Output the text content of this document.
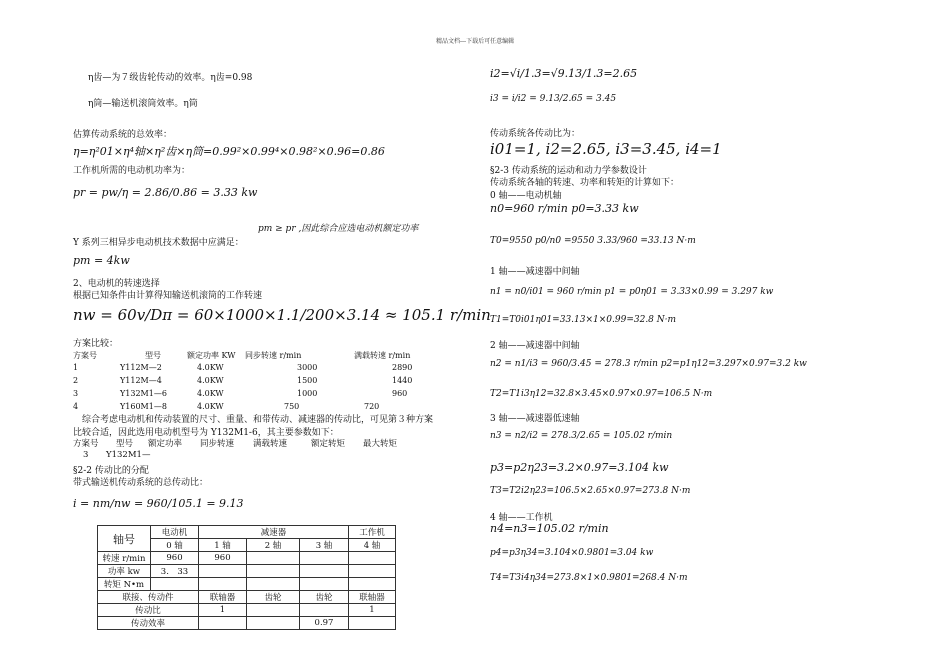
精品文档---下载后可任意编辑
η齿—为７级齿轮传动的效率。η齿=0.98
η筒—输送机滚筒效率。η筒
估算传动系统的总效率：
η=η²01×η⁴轴×η²齿×η筒=0.99²×0.99⁴×0.98²×0.96=0.86
工作机所需的电动机功率为：
pr = pw/η = 2.86/0.86 = 3.33 kw
pm ≥ pr ,因此综合应选电动机额定功率
Y 系列三相异步电动机技术数据中应满足：
pm = 4kw
2、电动机的转速选择
根据已知条件由计算得知输送机滚筒的工作转速
nw = 60v/Dπ = 60×1000×1.1/200×3.14 ≈ 105.1 r/min
方案比较：
方案号	型号	额定功率 KW 同步转速 r/min	满载转速 r/min
1	Y112M—2	4.0KW	3000	2890
2	Y112M—4	4.0KW	1500	1440
3	Y132M1—6	4.0KW	1000	960
4	Y160M1—8	4.0KW	750	720
综合考虑电动机和传动装置的尺寸、重量、和带传动、减速器的传动比，可见第３种方案
比较合适，因此选用电动机型号为 Y132M1-6，其主要参数如下：
方案号 型号 额定功率 同步转速 满载转速	额定转矩 最大转矩
3 Y132M1—
§2-2 传动比的分配
带式输送机传动系统的总传动比：
i = nm/nw = 960/105.1 = 9.13
轴号	电动机	减速器			工作机
	0 轴	1 轴	2 轴	3 轴	4 轴
转速 r/min	960	960			
功率 kw	3.　33				
转矩 N•m					
联接、传动件		联轴器	齿轮	齿轮	联轴器
传动比		1			1
传动效率				0.97	
i2=√i/1.3=√9.13/1.3=2.65
i3 = i/i2 = 9.13/2.65 = 3.45
传动系统各传动比为：
i01=1, i2=2.65, i3=3.45, i4=1
§2-3 传动系统的运动和动力学参数设计
传动系统各轴的转速、功率和转矩的计算如下：
0 轴——电动机轴
n0=960 r/min p0=3.33 kw
T0=9550 p0/n0 =9550 3.33/960 =33.13 N·m
1 轴——减速器中间轴
n1 = n0/i01 = 960 r/min p1 = p0η01 = 3.33×0.99 = 3.297 kw
T1=T0i01η01=33.13×1×0.99=32.8 N·m
2 轴——减速器中间轴
n2 = n1/i3 = 960/3.45 = 278.3 r/min p2=p1η12=3.297×0.97=3.2 kw
T2=T1i3η12=32.8×3.45×0.97×0.97=106.5 N·m
3 轴——减速器低速轴
n3 = n2/i2 = 278.3/2.65 = 105.02 r/min
p3=p2η23=3.2×0.97=3.104 kw
T3=T2i2η23=106.5×2.65×0.97=273.8 N·m
4 轴——工作机
n4=n3=105.02 r/min
p4=p3η34=3.104×0.9801=3.04 kw
T4=T3i4η34=273.8×1×0.9801=268.4 N·m
